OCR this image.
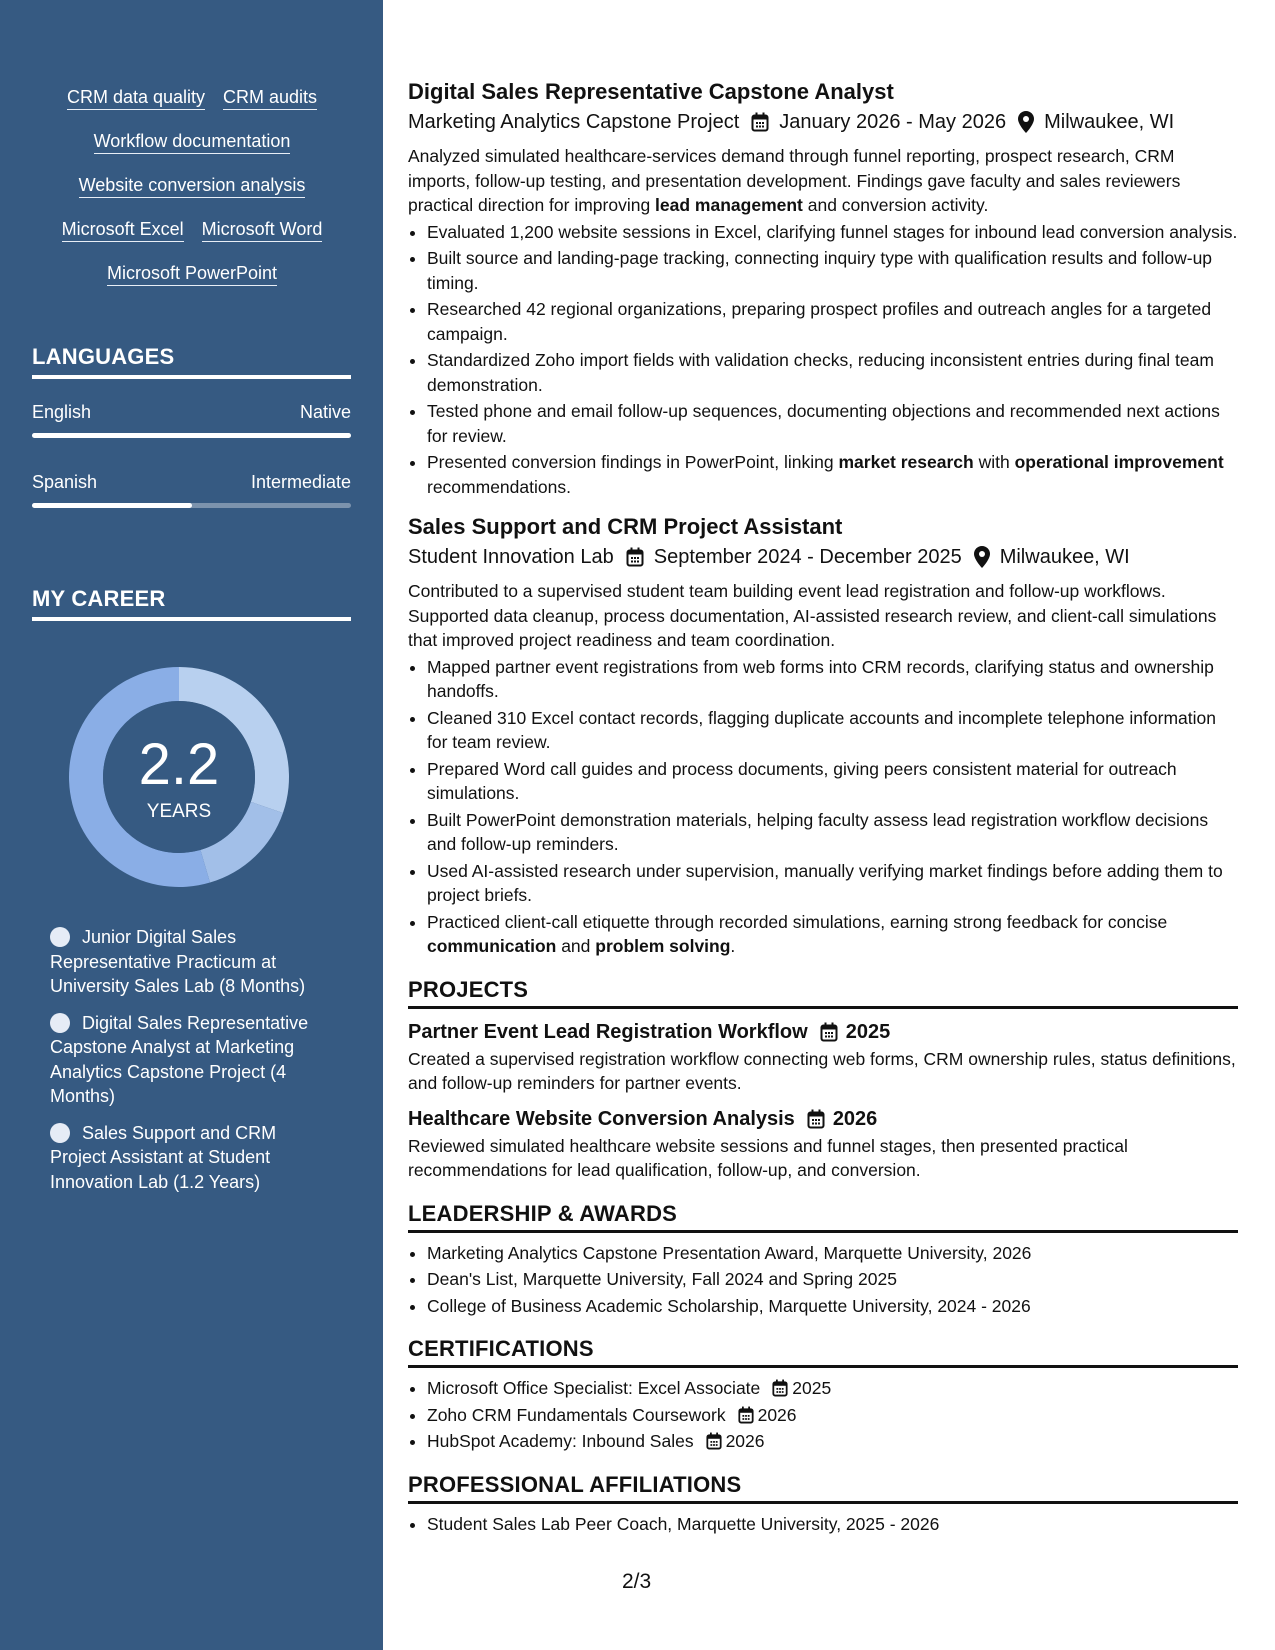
CRM data quality CRM audits
Workflow documentation
Website conversion analysis
Microsoft Excel Microsoft Word
Microsoft PowerPoint
LANGUAGES
English	Native
Spanish	Intermediate
MY CAREER
2.2
YEARS
Junior Digital Sales Representative Practicum at University Sales Lab (8 Months)
Digital Sales Representative Capstone Analyst at Marketing Analytics Capstone Project (4 Months)
Sales Support and CRM Project Assistant at Student Innovation Lab (1.2 Years)
Digital Sales Representative Capstone Analyst
Marketing Analytics Capstone Project January 2026 - May 2026 Milwaukee, WI
Analyzed simulated healthcare-services demand through funnel reporting, prospect research, CRM imports, follow-up testing, and presentation development. Findings gave faculty and sales reviewers practical direction for improving lead management and conversion activity.
• Evaluated 1,200 website sessions in Excel, clarifying funnel stages for inbound lead conversion analysis.
• Built source and landing-page tracking, connecting inquiry type with qualification results and follow-up timing.
• Researched 42 regional organizations, preparing prospect profiles and outreach angles for a targeted campaign.
• Standardized Zoho import fields with validation checks, reducing inconsistent entries during final team demonstration.
• Tested phone and email follow-up sequences, documenting objections and recommended next actions for review.
• Presented conversion findings in PowerPoint, linking market research with operational improvement recommendations.
Sales Support and CRM Project Assistant
Student Innovation Lab September 2024 - December 2025 Milwaukee, WI
Contributed to a supervised student team building event lead registration and follow-up workflows. Supported data cleanup, process documentation, AI-assisted research review, and client-call simulations that improved project readiness and team coordination.
• Mapped partner event registrations from web forms into CRM records, clarifying status and ownership handoffs.
• Cleaned 310 Excel contact records, flagging duplicate accounts and incomplete telephone information for team review.
• Prepared Word call guides and process documents, giving peers consistent material for outreach simulations.
• Built PowerPoint demonstration materials, helping faculty assess lead registration workflow decisions and follow-up reminders.
• Used AI-assisted research under supervision, manually verifying market findings before adding them to project briefs.
• Practiced client-call etiquette through recorded simulations, earning strong feedback for concise communication and problem solving.
PROJECTS
Partner Event Lead Registration Workflow 2025
Created a supervised registration workflow connecting web forms, CRM ownership rules, status definitions, and follow-up reminders for partner events.
Healthcare Website Conversion Analysis 2026
Reviewed simulated healthcare website sessions and funnel stages, then presented practical recommendations for lead qualification, follow-up, and conversion.
LEADERSHIP & AWARDS
• Marketing Analytics Capstone Presentation Award, Marquette University, 2026
• Dean's List, Marquette University, Fall 2024 and Spring 2025
• College of Business Academic Scholarship, Marquette University, 2024 - 2026
CERTIFICATIONS
• Microsoft Office Specialist: Excel Associate 2025
• Zoho CRM Fundamentals Coursework 2026
• HubSpot Academy: Inbound Sales 2026
PROFESSIONAL AFFILIATIONS
• Student Sales Lab Peer Coach, Marquette University, 2025 - 2026
2/3
